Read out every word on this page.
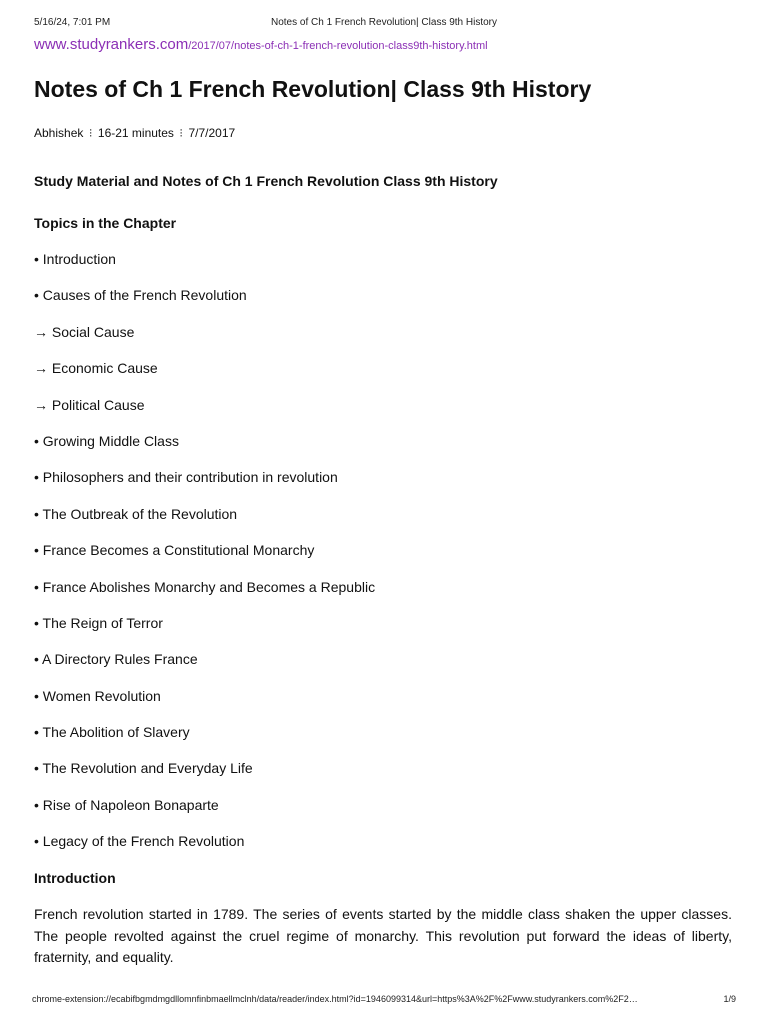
5/16/24, 7:01 PM	Notes of Ch 1 French Revolution| Class 9th History
www.studyrankers.com/2017/07/notes-of-ch-1-french-revolution-class9th-history.html
Notes of Ch 1 French Revolution| Class 9th History
Abhishek ⁝ 16-21 minutes ⁝ 7/7/2017

Study Material and Notes of Ch 1 French Revolution Class 9th History

Topics in the Chapter

• Introduction
• Causes of the French Revolution
→ Social Cause
→ Economic Cause
→ Political Cause
• Growing Middle Class
• Philosophers and their contribution in revolution
• The Outbreak of the Revolution
• France Becomes a Constitutional Monarchy
• France Abolishes Monarchy and Becomes a Republic
• The Reign of Terror
• A Directory Rules France
• Women Revolution
• The Abolition of Slavery
• The Revolution and Everyday Life
• Rise of Napoleon Bonaparte
• Legacy of the French Revolution

Introduction

French revolution started in 1789. The series of events started by the middle class shaken the upper classes. The people revolted against the cruel regime of monarchy. This revolution put forward the ideas of liberty, fraternity, and equality.

chrome-extension://ecabifbgmdmgdllomnfinbmaellmclnh/data/reader/index.html?id=1946099314&url=https%3A%2F%2Fwww.studyrankers.com%2F2…	1/9
